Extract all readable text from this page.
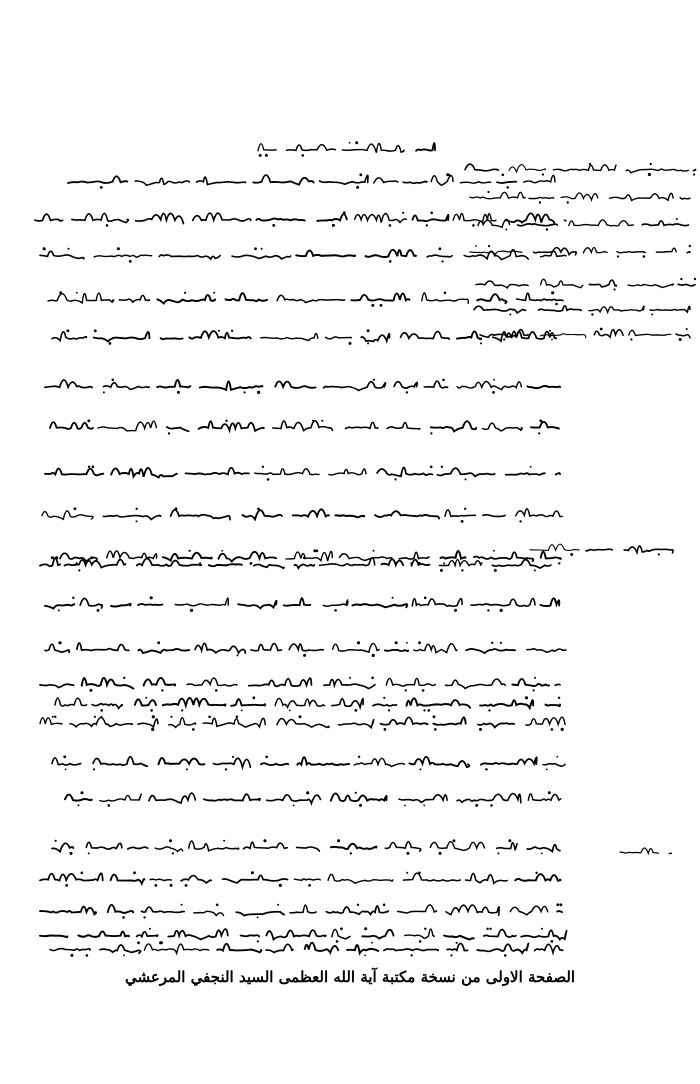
الصفحة الاولى من نسخة مكتبة آية الله العظمى السيد النجفي المرعشي
